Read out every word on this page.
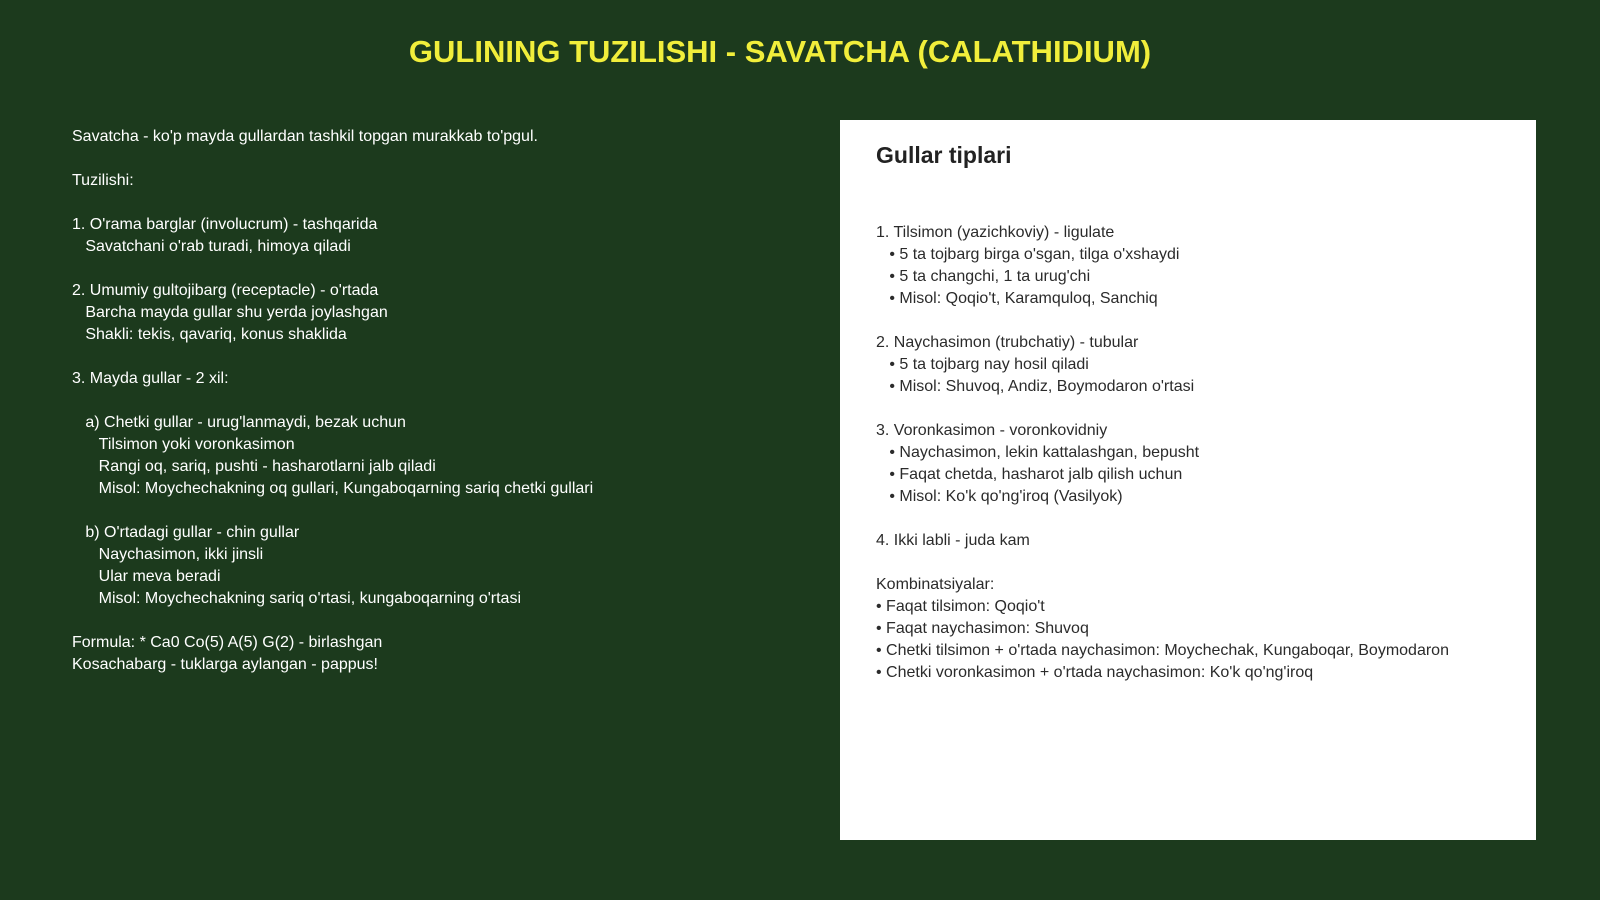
GULINING TUZILISHI - SAVATCHA (CALATHIDIUM)

Savatcha - ko'p mayda gullardan tashkil topgan murakkab to'pgul.

Tuzilishi:

1. O'rama barglar (involucrum) - tashqarida
Savatchani o'rab turadi, himoya qiladi

2. Umumiy gultojibarg (receptacle) - o'rtada
Barcha mayda gullar shu yerda joylashgan
Shakli: tekis, qavariq, konus shaklida

3. Mayda gullar - 2 xil:

a) Chetki gullar - urug'lanmaydi, bezak uchun
Tilsimon yoki voronkasimon
Rangi oq, sariq, pushti - hasharotlarni jalb qiladi
Misol: Moychechakning oq gullari, Kungaboqarning sariq chetki gullari

b) O'rtadagi gullar - chin gullar
Naychasimon, ikki jinsli
Ular meva beradi
Misol: Moychechakning sariq o'rtasi, kungaboqarning o'rtasi

Formula: * Ca0 Co(5) A(5) G(2) - birlashgan
Kosachabarg - tuklarga aylangan - pappus!

Gullar tiplari

1. Tilsimon (yazichkoviy) - ligulate
• 5 ta tojbarg birga o'sgan, tilga o'xshaydi
• 5 ta changchi, 1 ta urug'chi
• Misol: Qoqio't, Karamquloq, Sanchiq

2. Naychasimon (trubchatiy) - tubular
• 5 ta tojbarg nay hosil qiladi
• Misol: Shuvoq, Andiz, Boymodaron o'rtasi

3. Voronkasimon - voronkovidniy
• Naychasimon, lekin kattalashgan, bepusht
• Faqat chetda, hasharot jalb qilish uchun
• Misol: Ko'k qo'ng'iroq (Vasilyok)

4. Ikki labli - juda kam

Kombinatsiyalar:
• Faqat tilsimon: Qoqio't
• Faqat naychasimon: Shuvoq
• Chetki tilsimon + o'rtada naychasimon: Moychechak, Kungaboqar, Boymodaron
• Chetki voronkasimon + o'rtada naychasimon: Ko'k qo'ng'iroq
